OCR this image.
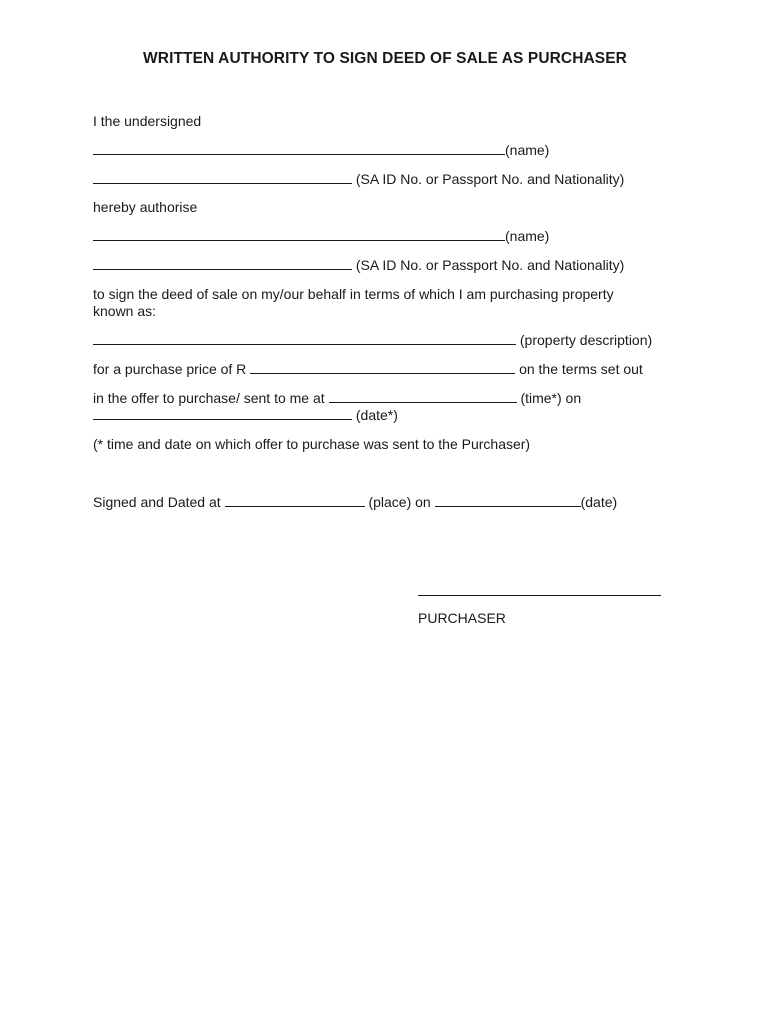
WRITTEN AUTHORITY TO SIGN DEED OF SALE AS PURCHASER
I the undersigned
(name)
(SA ID No. or Passport No. and Nationality)
hereby authorise
(name)
(SA ID No. or Passport No. and Nationality)
to sign the deed of sale on my/our behalf in terms of which I am purchasing property
known as:
(property description)
for a purchase price of R	on the terms set out
in the offer to purchase/ sent to me at	(time*) on
(date*)
(* time and date on which offer to purchase was sent to the Purchaser)
Signed and Dated at	(place) on	(date)
PURCHASER
